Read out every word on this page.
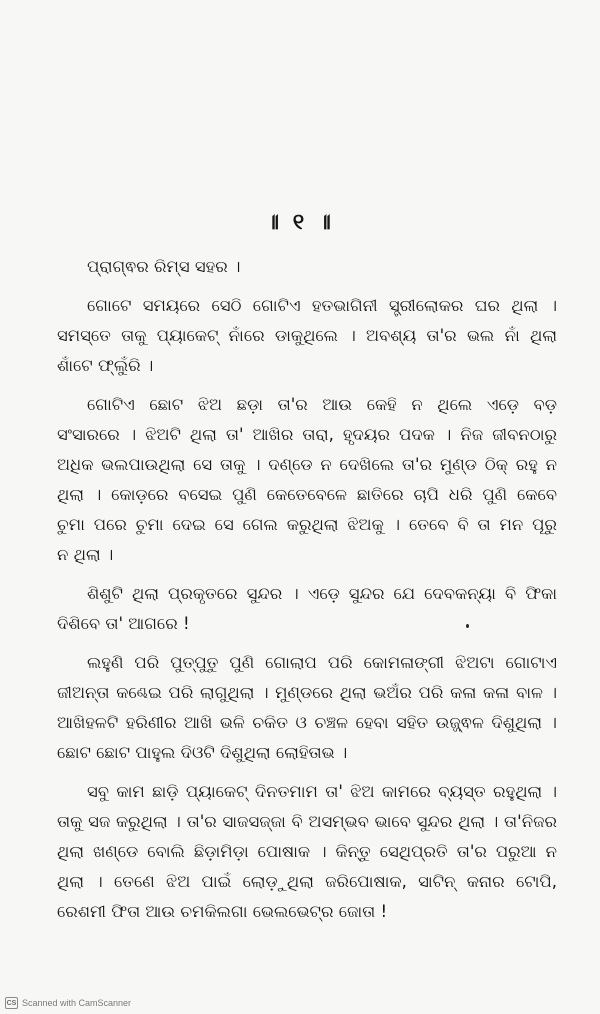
॥ ୧ ॥

ପ୍ରାଗ୍ଵର ରିମ୍ସ ସହର ।

ଗୋଟେ ସମୟରେ ସେଠି ଗୋଟିଏ ହତଭାଗିନୀ ସ୍ତ୍ରୀଲୋକର ଘର ଥିଲା ।
ସମସ୍ତେ ତାକୁ ପ୍ୟାକେଟ୍ ନାଁରେ ଡାକୁଥିଲେ । ଅବଶ୍ୟ ତା'ର ଭଲ ନାଁ ଥିଲା
ଶାଁଟେ ଫ୍ଲୁଁରି ।

ଗୋଟିଏ ଛୋଟ ଝିଅ ଛଡ଼ା ତା'ର ଆଉ କେହି ନ ଥିଲେ ଏଡ଼େ ବଡ଼
ସଂସାରରେ । ଝିଅଟି ଥିଲା ତା' ଆଖିର ତାରା, ହୃଦୟର ପଦକ । ନିଜ ଜୀବନଠାରୁ
ଅଧିକ ଭଲପାଉଥିଲା ସେ ତାକୁ । ଦଣ୍ଡେ ନ ଦେଖିଲେ ତା'ର ମୁଣ୍ଡ ଠିକ୍ ରହୁ ନ
ଥିଲା । କୋଡ଼ରେ ବସେଇ ପୁଣି କେତେବେଳେ ଛାତିରେ ଚାପି ଧରି ପୁଣି କେବେ
ଚୁମା ପରେ ଚୁମା ଦେଇ ସେ ଗେଲ କରୁଥିଲା ଝିଅକୁ । ତେବେ ବି ତା ମନ ପୂରୁ
ନ ଥିଲା ।

ଶିଶୁଟି ଥିଲା ପ୍ରକୃତରେ ସୁନ୍ଦର । ଏଡ଼େ ସୁନ୍ଦର ଯେ ଦେବକନ୍ୟା ବି ଫିକା
ଦିଶିବେ ତା' ଆଗରେ !

ଲହୁଣି ପରି ପୁତ୍ପୁତୁ ପୁଣି ଗୋଲାପ ପରି କୋମଳାଙ୍ଗୀ ଝିଅଟା ଗୋଟାଏ
ଜୀଅନ୍ତା କଣ୍ଢେଇ ପରି ଲାଗୁଥିଲା । ମୁଣ୍ଡରେ ଥିଲା ଭଅଁର ପରି କଳା କଳା ବାଳ ।
ଆଖିହଳଟି ହରିଣୀର ଆଖି ଭଳି ଚକିତ ଓ ଚଞ୍ଚଳ ହେବା ସହିତ ଉଜ୍ଜ୍ଵଳ ଦିଶୁଥିଲା ।
ଛୋଟ ଛୋଟ ପାହୁଲ ଦିଓଟି ଦିଶୁଥିଲା ଲୋହିତାଭ ।

ସବୁ କାମ ଛାଡ଼ି ପ୍ୟାକେଟ୍ ଦିନତମାମ ତା' ଝିଅ କାମରେ ବ୍ୟସ୍ତ ରହୁଥିଲା ।
ତାକୁ ସଜ କରୁଥିଲା । ତା'ର ସାଜସଜ୍ଜା ବି ଅସମ୍ଭବ ଭାବେ ସୁନ୍ଦର ଥିଲା । ତା'ନିଜର
ଥିଲା ଖଣ୍ଡେ ବୋଲି ଛିଡ଼ାମିଡ଼ା ପୋଷାକ । କିନ୍ତୁ ସେଥିପ୍ରତି ତା'ର ପରୁଆ ନ
ଥିଲା । ତେଣେ ଝିଅ ପାଇଁ ଲୋଡ଼ୁଥିଲା ଜରିପୋଷାକ, ସାଟିନ୍ କନାର ଟୋପି,
ରେଶମୀ ଫିତା ଆଉ ଚମକିଲଗା ଭେଲଭେଟ୍‌ର ଜୋତା !

CS Scanned with CamScanner
